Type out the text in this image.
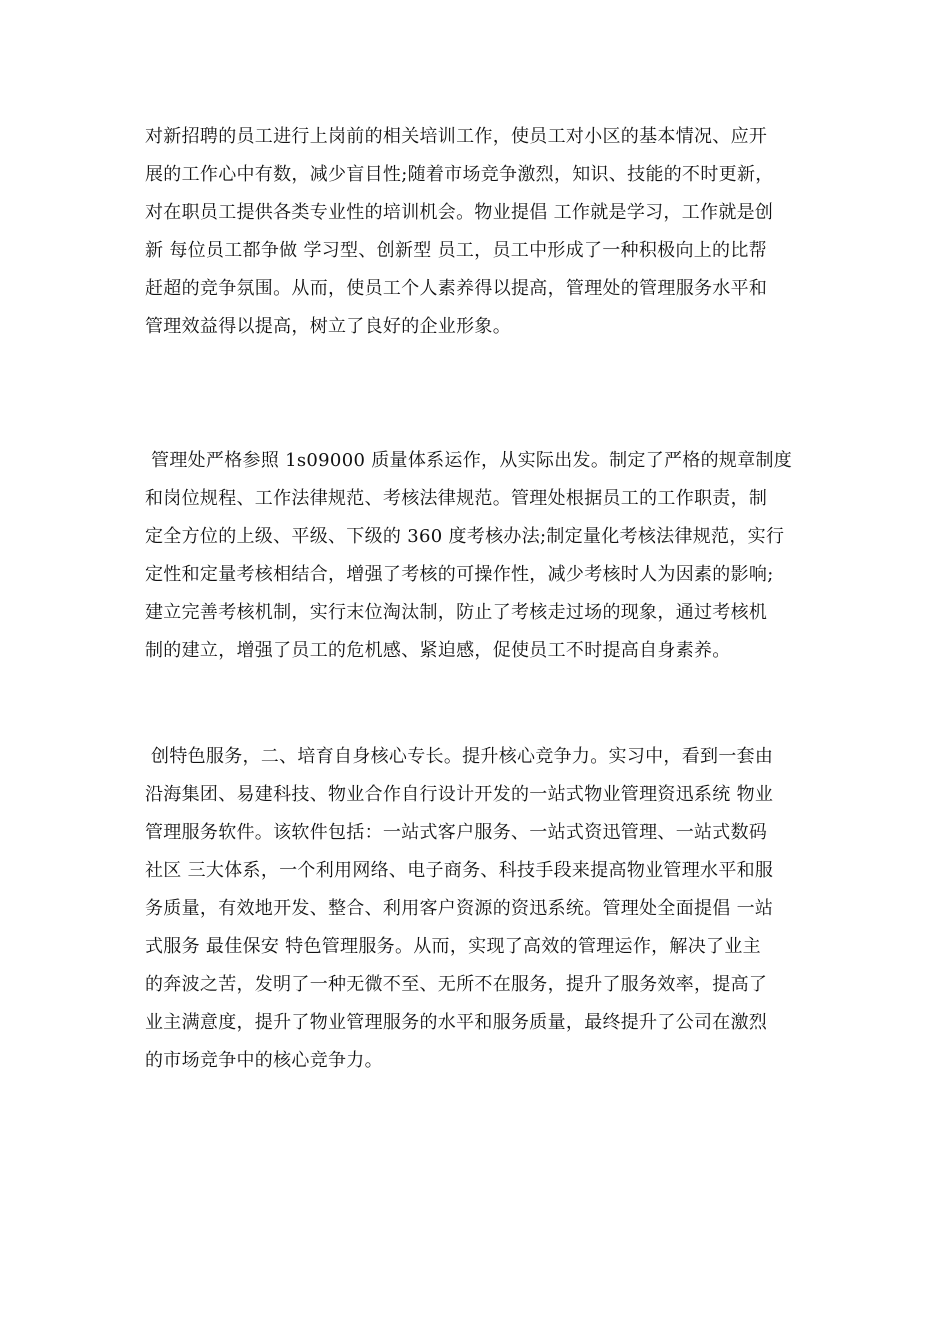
对新招聘的员工进行上岗前的相关培训工作，使员工对小区的基本情况、应开
展的工作心中有数，减少盲目性;随着市场竞争激烈，知识、技能的不时更新，
对在职员工提供各类专业性的培训机会。物业提倡 工作就是学习，工作就是创
新 每位员工都争做 学习型、创新型 员工，员工中形成了一种积极向上的比帮
赶超的竞争氛围。从而，使员工个人素养得以提高，管理处的管理服务水平和
管理效益得以提高，树立了良好的企业形象。
管理处严格参照 1s09000 质量体系运作，从实际出发。制定了严格的规章制度
和岗位规程、工作法律规范、考核法律规范。管理处根据员工的工作职责，制
定全方位的上级、平级、下级的 360 度考核办法;制定量化考核法律规范，实行
定性和定量考核相结合，增强了考核的可操作性，减少考核时人为因素的影响;
建立完善考核机制，实行末位淘汰制，防止了考核走过场的现象，通过考核机
制的建立，增强了员工的危机感、紧迫感，促使员工不时提高自身素养。
创特色服务，二、培育自身核心专长。提升核心竞争力。实习中，看到一套由
沿海集团、易建科技、物业合作自行设计开发的一站式物业管理资迅系统 物业
管理服务软件。该软件包括：一站式客户服务、一站式资迅管理、一站式数码
社区 三大体系，一个利用网络、电子商务、科技手段来提高物业管理水平和服
务质量，有效地开发、整合、利用客户资源的资迅系统。管理处全面提倡 一站
式服务 最佳保安 特色管理服务。从而，实现了高效的管理运作，解决了业主
的奔波之苦，发明了一种无微不至、无所不在服务，提升了服务效率，提高了
业主满意度，提升了物业管理服务的水平和服务质量，最终提升了公司在激烈
的市场竞争中的核心竞争力。
